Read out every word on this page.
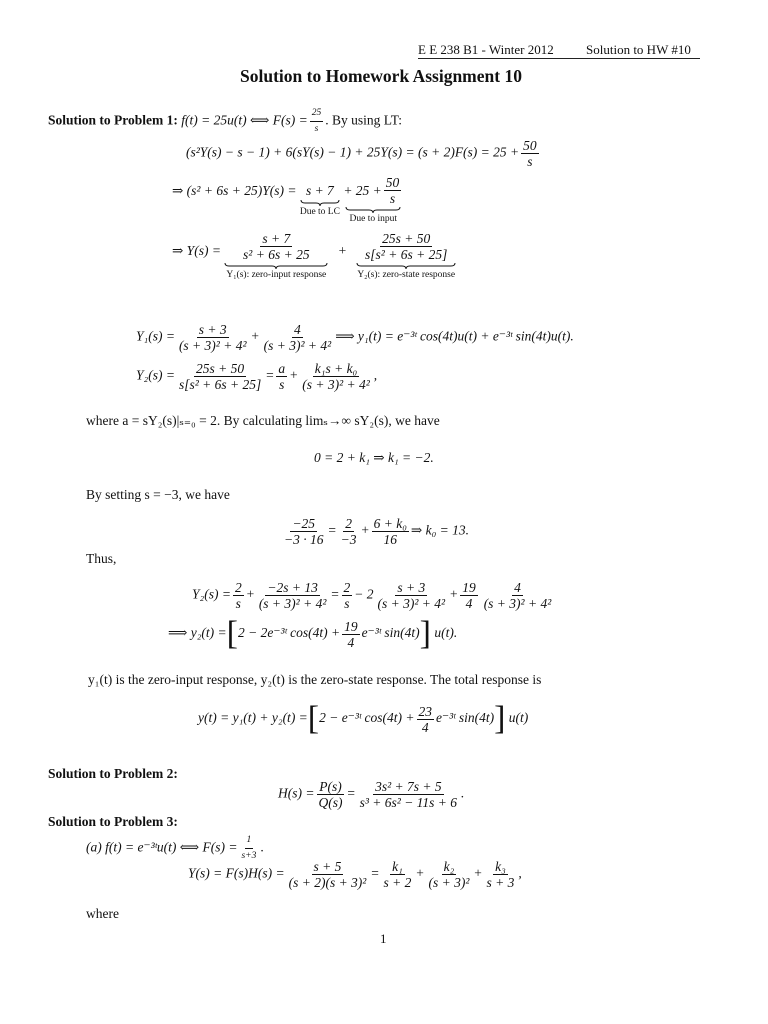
E E 238 B1 - Winter 2012 Solution to HW #10
Solution to Homework Assignment 10
Solution to Problem 1: f(t) = 25u(t) ⟺ $F(s) = \frac{25}{s}$ . By using LT:
$(s^2Y(s) - s - 1) + 6(sY(s) - 1) + 25Y(s) = (s + 2)F(s) = 25 + \frac{50}{s}$
⇒ (s² + 6s + 25)Y(s) = s + 7
Due to LC

+ $25 + \frac{50}{s}$
Due to input
⇒ $Y(s) = \frac{s + 7}{\text{s² + 6s + 25}}$
Y₁(s): zero-input response
+ $\frac{25s + 50}{\text{s[s² + 6s + 25]}}$
Y₂(s): zero-state response
$Y_1(s) = \frac{s + 3}{\text{(s + 3)² + 4²}} + \frac{4}{\text{(s + 3)² + 4²}}$ ⟹ y₁(t) = e⁻³ᵗ cos(4t)u(t) + e⁻³ᵗ sin(4t)u(t).
$Y_2(s) = \frac{25s + 50}{\text{s[s² + 6s + 25]}} = \frac{a}{s} + \frac{\text{k₁s + k₀}}{\text{(s + 3)² + 4²}}$ ,
where a = sY₂(s)|ₛ₌₀ = 2. By calculating limₛ→∞ sY₂(s), we have
0 = 2 + k₁ ⇒ k₁ = −2.
By setting s = −3, we have
$\frac{-25}{-3 \cdot 16} = \frac{2}{-3} + \frac{\text{6 + k₀}}{16}$ ⇒ k₀ = 13.
Thus,
$Y_2(s) = \frac{2}{s} + \frac{-2s + 13}{\text{(s + 3)² + 4²}} = \frac{2}{s} - 2 \frac{s + 3}{\text{(s + 3)² + 4²}} + \frac{19}{4} \frac{4}{\text{(s + 3)² + 4²}}$
⟹ y₂(t) =[2 − 2e⁻³ᵗ $\cos(4t) + \frac{19}{4}$ e⁻³ᵗ sin(4t)] u(t).
y₁(t) is the zero-input response, y₂(t) is the zero-state response. The total response is
y(t) = y₁(t) + y₂(t) =[2 − e⁻³ᵗ $\cos(4t) + \frac{23}{4}$ e⁻³ᵗ sin(4t)] u(t)
Solution to Problem 2:
$H(s) = \frac{P(s)}{Q(s)} = \frac{\text{3s² + 7s + 5}}{\text{s³ + 6s² − 11s + 6}}$ .
Solution to Problem 3:
(a) f(t) = e⁻³ᵗu(t) ⟺ $F(s) = \frac{1}{s+3}$ .
$Y(s) = F(s)H(s) = \frac{s + 5}{\text{(s + 2)(s + 3)²}} = \frac{\text{k₁}}{s + 2} + \frac{\text{k₂}}{\text{(s + 3)²}} + \frac{\text{k₃}}{s + 3}$ ,
where
1
